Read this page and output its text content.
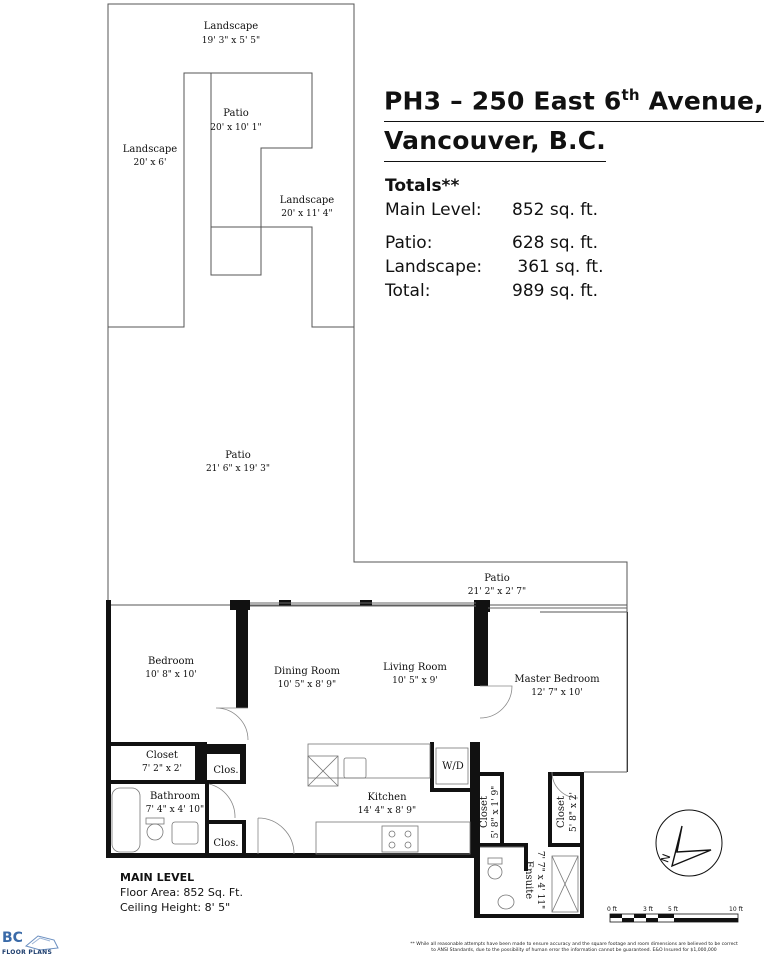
Landscape
19' 3" x 5' 5"
Patio
20' x 10' 1"
Landscape
20' x 6'
Landscape
20' x 11' 4"
Patio
21' 6" x 19' 3"
Patio
21' 2" x 2' 7"
Bedroom
10' 8" x 10'	Dining Room
10' 5" x 8' 9"
Living Room
10' 5" x 9'	Master Bedroom
12' 7" x 10'
Closet
7' 2" x 2'	Clos.
Bathroom
7' 4" x 4' 10"
Clos.
Kitchen
14' 4" x 8' 9"
W/D
Closet 5' 8" x 1' 9"	Closet 5' 8" x 2'
Ensuite 7' 7" x 4' 11"	N
0 ft	3 ft 5 ft	10 ft
PH3 – 250 East 6th Avenue,
Vancouver, B.C.
Totals**
Main Level:	852 sq. ft.
Patio:	628 sq. ft.
Landscape:	361 sq. ft.
Total:	989 sq. ft.
MAIN LEVEL
Floor Area: 852 Sq. Ft.
Ceiling Height: 8' 5"
BC
FLOOR PLANS
** While all reasonable attempts have been made to ensure accuracy and the square footage and room dimensions are believed to be correct to ANSI Standards, due to the possibility of human error the information cannot be guaranteed. E&O Insured for $1,000,000
